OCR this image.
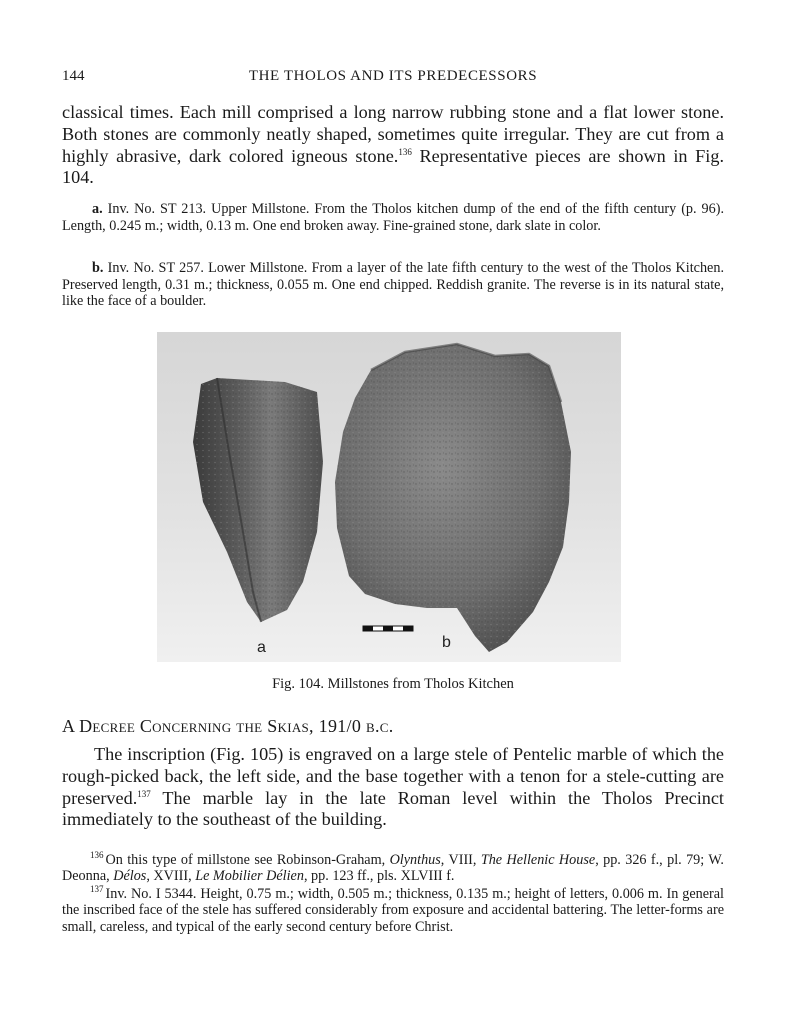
144	THE THOLOS AND ITS PREDECESSORS

classical times. Each mill comprised a long narrow rubbing stone and a flat lower stone. Both stones are commonly neatly shaped, sometimes quite irregular. They are cut from a highly abrasive, dark colored igneous stone.$^{136}$ Representative pieces are shown in Fig. 104.

a. Inv. No. ST 213. Upper Millstone. From the Tholos kitchen dump of the end of the fifth century (p. 96). Length, 0.245 m.; width, 0.13 m. One end broken away. Fine-grained stone, dark slate in color.

b. Inv. No. ST 257. Lower Millstone. From a layer of the late fifth century to the west of the Tholos Kitchen. Preserved length, 0.31 m.; thickness, 0.055 m. One end chipped. Reddish granite. The reverse is in its natural state, like the face of a boulder.

a	b
Fig. 104. Millstones from Tholos Kitchen
A Decree Concerning the Skias, 191/0 b.c.

The inscription (Fig. 105) is engraved on a large stele of Pentelic marble of which the rough-picked back, the left side, and the base together with a tenon for a stele-cutting are preserved.$^{137}$ The marble lay in the late Roman level within the Tholos Precinct immediately to the southeast of the building.

$^{136}$ On this type of millstone see Robinson-Graham, Olynthus, VIII, The Hellenic House, pp. 326 f., pl. 79; W. Deonna, Délos, XVIII, Le Mobilier Délien, pp. 123 ff., pls. XLVIII f.

$^{137}$ Inv. No. I 5344. Height, 0.75 m.; width, 0.505 m.; thickness, 0.135 m.; height of letters, 0.006 m. In general the inscribed face of the stele has suffered considerably from exposure and accidental battering. The letter-forms are small, careless, and typical of the early second century before Christ.
